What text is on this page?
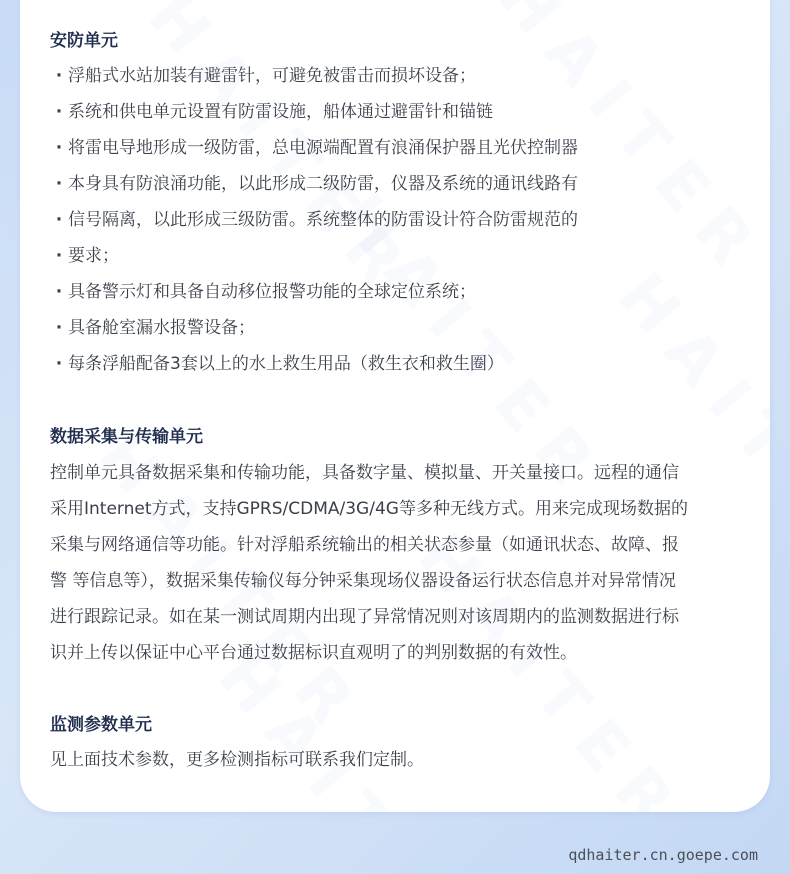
安防单元
· 浮船式水站加装有避雷针，可避免被雷击而损坏设备；
· 系统和供电单元设置有防雷设施，船体通过避雷针和锚链
· 将雷电导地形成一级防雷，总电源端配置有浪涌保护器且光伏控制器
· 本身具有防浪涌功能，以此形成二级防雷，仪器及系统的通讯线路有
· 信号隔离，以此形成三级防雷。系统整体的防雷设计符合防雷规范的
· 要求；
· 具备警示灯和具备自动移位报警功能的全球定位系统；
· 具备舱室漏水报警设备；
· 每条浮船配备3套以上的水上救生用品（救生衣和救生圈）
数据采集与传输单元
控制单元具备数据采集和传输功能，具备数字量、模拟量、开关量接口。远程的通信
采用Internet方式，支持GPRS/CDMA/3G/4G等多种无线方式。用来完成现场数据的
采集与网络通信等功能。针对浮船系统输出的相关状态参量（如通讯状态、故障、报
警 等信息等），数据采集传输仪每分钟采集现场仪器设备运行状态信息并对异常情况
进行跟踪记录。如在某一测试周期内出现了异常情况则对该周期内的监测数据进行标
识并上传以保证中心平台通过数据标识直观明了的判别数据的有效性。
监测参数单元
见上面技术参数，更多检测指标可联系我们定制。
qdhaiter.cn.goepe.com
